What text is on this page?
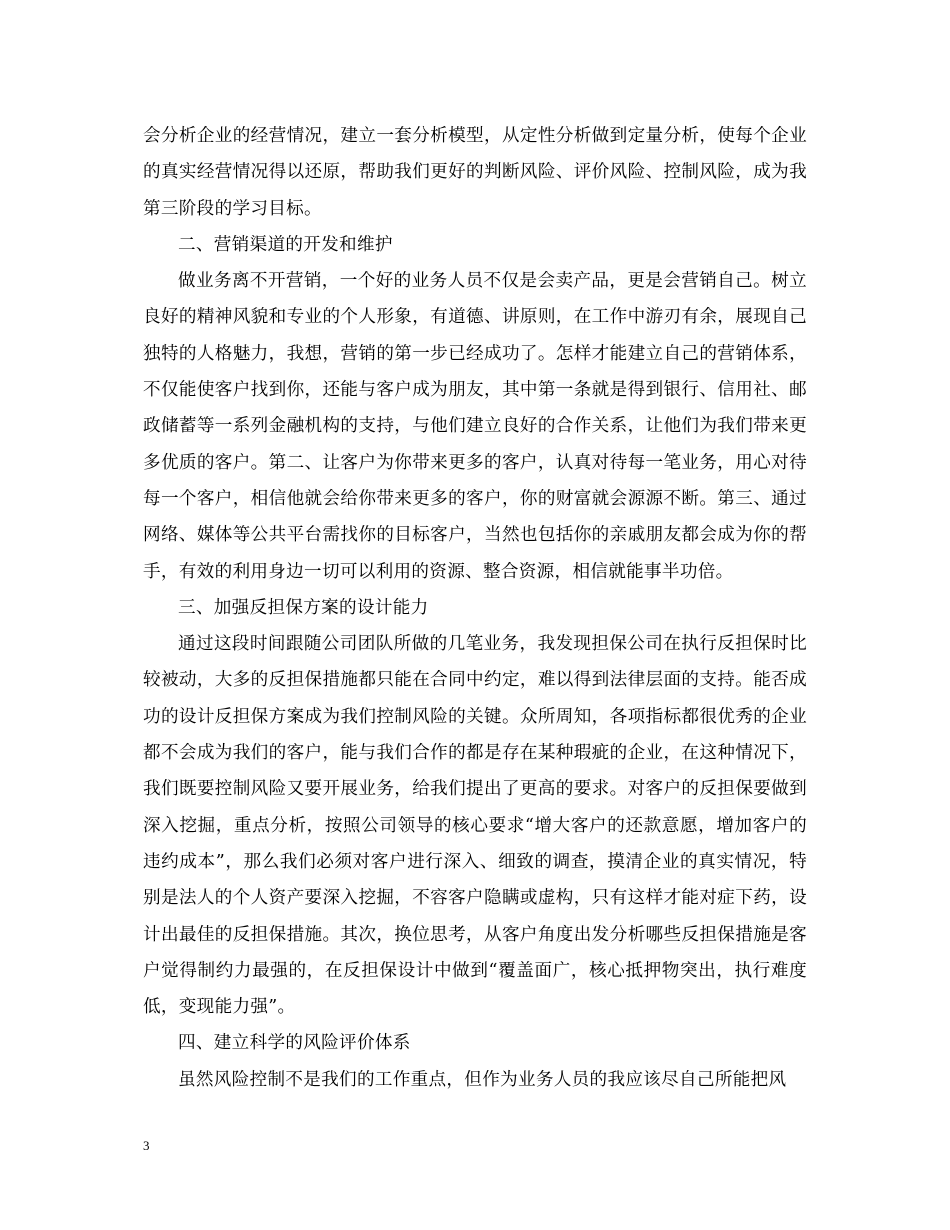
会分析企业的经营情况，建立一套分析模型，从定性分析做到定量分析，使每个企业的真实经营情况得以还原，帮助我们更好的判断风险、评价风险、控制风险，成为我第三阶段的学习目标。

二、营销渠道的开发和维护

做业务离不开营销，一个好的业务人员不仅是会卖产品，更是会营销自己。树立良好的精神风貌和专业的个人形象，有道德、讲原则，在工作中游刃有余，展现自己独特的人格魅力，我想，营销的第一步已经成功了。怎样才能建立自己的营销体系，不仅能使客户找到你，还能与客户成为朋友，其中第一条就是得到银行、信用社、邮政储蓄等一系列金融机构的支持，与他们建立良好的合作关系，让他们为我们带来更多优质的客户。第二、让客户为你带来更多的客户，认真对待每一笔业务，用心对待每一个客户，相信他就会给你带来更多的客户，你的财富就会源源不断。第三、通过网络、媒体等公共平台需找你的目标客户，当然也包括你的亲戚朋友都会成为你的帮手，有效的利用身边一切可以利用的资源、整合资源，相信就能事半功倍。

三、加强反担保方案的设计能力

通过这段时间跟随公司团队所做的几笔业务，我发现担保公司在执行反担保时比较被动，大多的反担保措施都只能在合同中约定，难以得到法律层面的支持。能否成功的设计反担保方案成为我们控制风险的关键。众所周知，各项指标都很优秀的企业都不会成为我们的客户，能与我们合作的都是存在某种瑕疵的企业，在这种情况下，我们既要控制风险又要开展业务，给我们提出了更高的要求。对客户的反担保要做到深入挖掘，重点分析，按照公司领导的核心要求“增大客户的还款意愿，增加客户的违约成本”，那么我们必须对客户进行深入、细致的调查，摸清企业的真实情况，特别是法人的个人资产要深入挖掘，不容客户隐瞒或虚构，只有这样才能对症下药，设计出最佳的反担保措施。其次，换位思考，从客户角度出发分析哪些反担保措施是客户觉得制约力最强的，在反担保设计中做到“覆盖面广，核心抵押物突出，执行难度低，变现能力强”。

四、建立科学的风险评价体系

虽然风险控制不是我们的工作重点，但作为业务人员的我应该尽自己所能把风

3
